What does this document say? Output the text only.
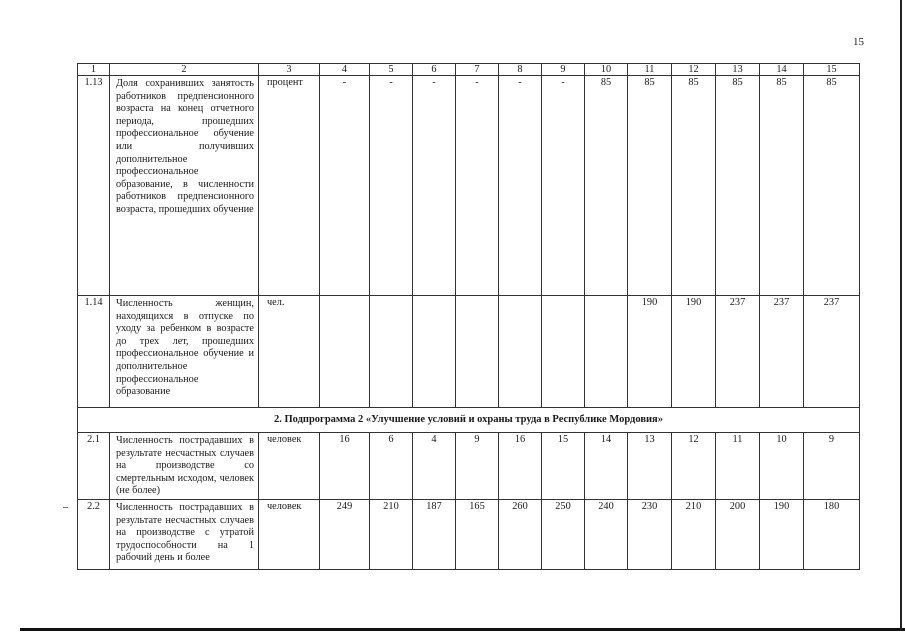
15
1	2	3	4	5	6	7	8	9	10	11	12	13	14	15
1.13	Доля сохранивших занятость работников предпенсионного возраста на конец отчетного периода, прошедших профессиональное обучение или получивших дополнительное профессиональное образование, в численности работников предпенсионного возраста, прошедших обучение	процент	-	-	-	-	-	-	85	85	85	85	85	85
1.14	Численность женщин, находящихся в отпуске по уходу за ребенком в возрасте до трех лет, прошедших профессиональное обучение и дополнительное профессиональное образование	чел.								190	190	237	237	237
2. Подпрограмма 2 «Улучшение условий и охраны труда в Республике Мордовия»														
2.1	Численность пострадавших в результате несчастных случаев на производстве со смертельным исходом, человек (не более)	человек	16	6	4	9	16	15	14	13	12	11	10	9
2.2	Численность пострадавших в результате несчастных случаев на производстве с утратой трудоспособности на 1 рабочий день и более	человек	249	210	187	165	260	250	240	230	210	200	190	180
